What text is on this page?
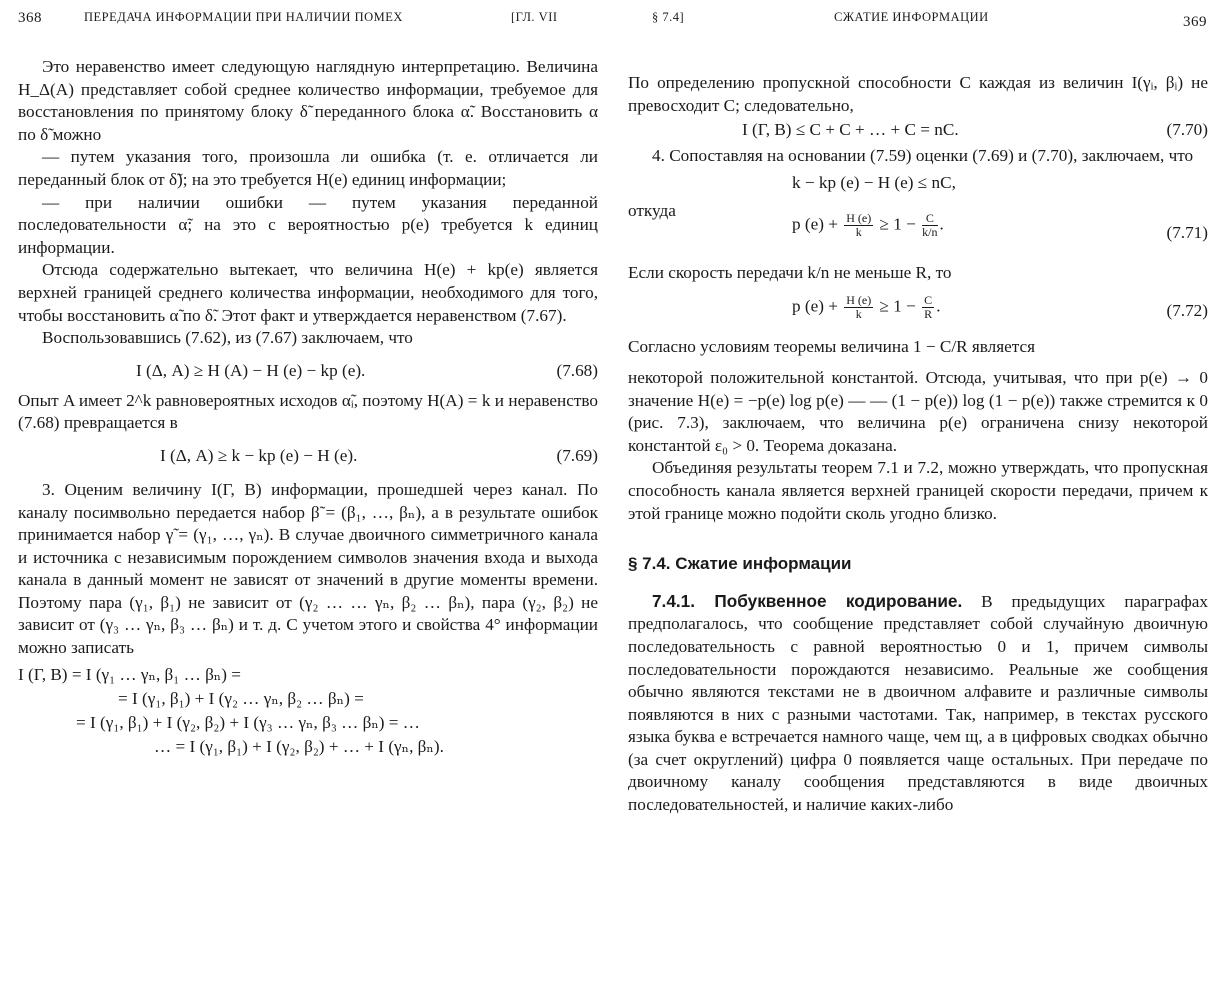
368	ПЕРЕДАЧА ИНФОРМАЦИИ ПРИ НАЛИЧИИ ПОМЕХ	[ГЛ. VII

Это неравенство имеет следующую наглядную интерпретацию. Величина H_Δ(A) представляет собой среднее количество информации, требуемое для восстановления по принятому блоку δ̃ переданного блока α̃. Восстановить α по δ̃ можно

— путем указания того, произошла ли ошибка (т. е. отличается ли переданный блок от δ̃); на это требуется H(e) единиц информации;

— при наличии ошибки — путем указания переданной последовательности α̃; на это с вероятностью p(e) требуется k единиц информации.

Отсюда содержательно вытекает, что величина H(e) + kp(e) является верхней границей среднего количества информации, необходимого для того, чтобы восстановить α̃ по δ̃. Этот факт и утверждается неравенством (7.67).

Воспользовавшись (7.62), из (7.67) заключаем, что

I (Δ, A) ≥ H (A) − H (e) − kp (e).	(7.68)

Опыт A имеет 2^k равновероятных исходов α̃ᵢ, поэтому H(A) = k и неравенство (7.68) превращается в

I (Δ, A) ≥ k − kp (e) − H (e).	(7.69)

3. Оценим величину I(Г, B) информации, прошедшей через канал. По каналу посимвольно передается набор β̃ = (β₁, …, βₙ), а в результате ошибок принимается набор γ̃ = (γ₁, …, γₙ). В случае двоичного симметричного канала и источника с независимым порождением символов значения входа и выхода канала в данный момент не зависят от значений в другие моменты времени. Поэтому пара (γ₁, β₁) не зависит от (γ₂ … … γₙ, β₂ … βₙ), пара (γ₂, β₂) не зависит от (γ₃ … γₙ, β₃ … βₙ) и т. д. С учетом этого и свойства 4° информации можно записать

I (Г, B) = I (γ₁ … γₙ, β₁ … βₙ) =
= I (γ₁, β₁) + I (γ₂ … γₙ, β₂ … βₙ) =
= I (γ₁, β₁) + I (γ₂, β₂) + I (γ₃ … γₙ, β₃ … βₙ) = …
… = I (γ₁, β₁) + I (γ₂, β₂) + … + I (γₙ, βₙ).
§ 7.4]	СЖАТИЕ ИНФОРМАЦИИ	369

По определению пропускной способности C каждая из величин I(γᵢ, βᵢ) не превосходит C; следовательно,

I (Г, B) ≤ C + C + … + C = nC.	(7.70)

4. Сопоставляя на основании (7.59) оценки (7.69) и (7.70), заключаем, что

k − kp (e) − H (e) ≤ nC,
откуда
p $(e) + \frac{H (e)}{k} \ge 1 - \frac{C}{k/n}$ .	(7.71)

Если скорость передачи k/n не меньше R, то

p $(e) + \frac{H (e)}{k} \ge 1 - \frac{C}{R}$ .	(7.72)

Согласно условиям теоремы величина 1 − C/R является

некоторой положительной константой. Отсюда, учитывая, что при p(e) → 0 значение H(e) = −p(e) log p(e) — — (1 − p(e)) log (1 − p(e)) также стремится к 0 (рис. 7.3), заключаем, что величина p(e) ограничена снизу некоторой константой ε₀ > 0. Теорема доказана.

Объединяя результаты теорем 7.1 и 7.2, можно утверждать, что пропускная способность канала является верхней границей скорости передачи, причем к этой границе можно подойти сколь угодно близко.

§ 7.4. Сжатие информации

7.4.1. Побуквенное кодирование. В предыдущих параграфах предполагалось, что сообщение представляет собой случайную двоичную последовательность с равной вероятностью 0 и 1, причем символы последовательности порождаются независимо. Реальные же сообщения обычно являются текстами не в двоичном алфавите и различные символы появляются в них с разными частотами. Так, например, в текстах русского языка буква е встречается намного чаще, чем щ, а в цифровых сводках обычно (за счет округлений) цифра 0 появляется чаще остальных. При передаче по двоичному каналу сообщения представляются в виде двоичных последовательностей, и наличие каких-либо
